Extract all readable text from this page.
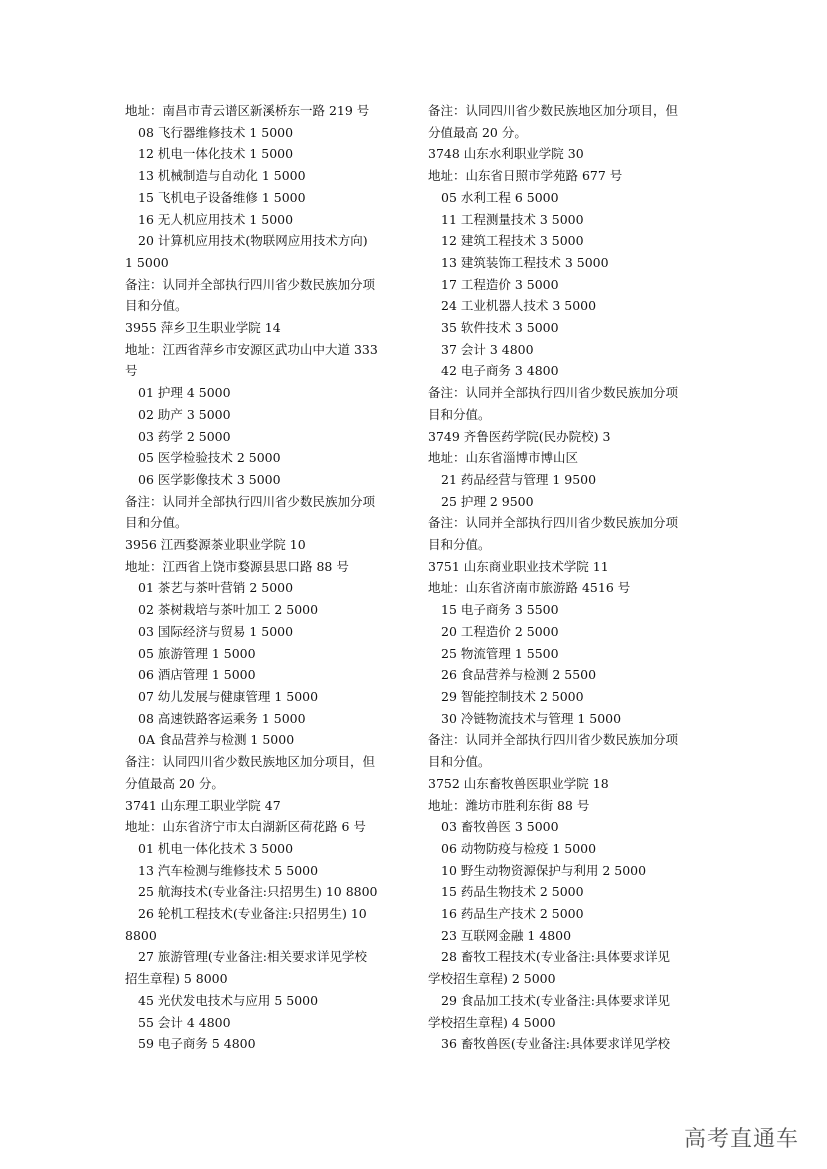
地址：南昌市青云谱区新溪桥东一路 219 号
08 飞行器维修技术 1 5000
12 机电一体化技术 1 5000
13 机械制造与自动化 1 5000
15 飞机电子设备维修 1 5000
16 无人机应用技术 1 5000
20 计算机应用技术(物联网应用技术方向)
1 5000
备注：认同并全部执行四川省少数民族加分项
目和分值。
3955 萍乡卫生职业学院 14
地址：江西省萍乡市安源区武功山中大道 333
号
01 护理 4 5000
02 助产 3 5000
03 药学 2 5000
05 医学检验技术 2 5000
06 医学影像技术 3 5000
备注：认同并全部执行四川省少数民族加分项
目和分值。
3956 江西婺源茶业职业学院 10
地址：江西省上饶市婺源县思口路 88 号
01 茶艺与茶叶营销 2 5000
02 茶树栽培与茶叶加工 2 5000
03 国际经济与贸易 1 5000
05 旅游管理 1 5000
06 酒店管理 1 5000
07 幼儿发展与健康管理 1 5000
08 高速铁路客运乘务 1 5000
0A 食品营养与检测 1 5000
备注：认同四川省少数民族地区加分项目，但
分值最高 20 分。
3741 山东理工职业学院 47
地址：山东省济宁市太白湖新区荷花路 6 号
01 机电一体化技术 3 5000
13 汽车检测与维修技术 5 5000
25 航海技术(专业备注:只招男生) 10 8800
26 轮机工程技术(专业备注:只招男生) 10
8800
27 旅游管理(专业备注:相关要求详见学校
招生章程) 5 8000
45 光伏发电技术与应用 5 5000
55 会计 4 4800
59 电子商务 5 4800
备注：认同四川省少数民族地区加分项目，但
分值最高 20 分。
3748 山东水利职业学院 30
地址：山东省日照市学苑路 677 号
05 水利工程 6 5000
11 工程测量技术 3 5000
12 建筑工程技术 3 5000
13 建筑装饰工程技术 3 5000
17 工程造价 3 5000
24 工业机器人技术 3 5000
35 软件技术 3 5000
37 会计 3 4800
42 电子商务 3 4800
备注：认同并全部执行四川省少数民族加分项
目和分值。
3749 齐鲁医药学院(民办院校) 3
地址：山东省淄博市博山区
21 药品经营与管理 1 9500
25 护理 2 9500
备注：认同并全部执行四川省少数民族加分项
目和分值。
3751 山东商业职业技术学院 11
地址：山东省济南市旅游路 4516 号
15 电子商务 3 5500
20 工程造价 2 5000
25 物流管理 1 5500
26 食品营养与检测 2 5500
29 智能控制技术 2 5000
30 冷链物流技术与管理 1 5000
备注：认同并全部执行四川省少数民族加分项
目和分值。
3752 山东畜牧兽医职业学院 18
地址：潍坊市胜利东街 88 号
03 畜牧兽医 3 5000
06 动物防疫与检疫 1 5000
10 野生动物资源保护与利用 2 5000
15 药品生物技术 2 5000
16 药品生产技术 2 5000
23 互联网金融 1 4800
28 畜牧工程技术(专业备注:具体要求详见
学校招生章程) 2 5000
29 食品加工技术(专业备注:具体要求详见
学校招生章程) 4 5000
36 畜牧兽医(专业备注:具体要求详见学校
高考直通车
